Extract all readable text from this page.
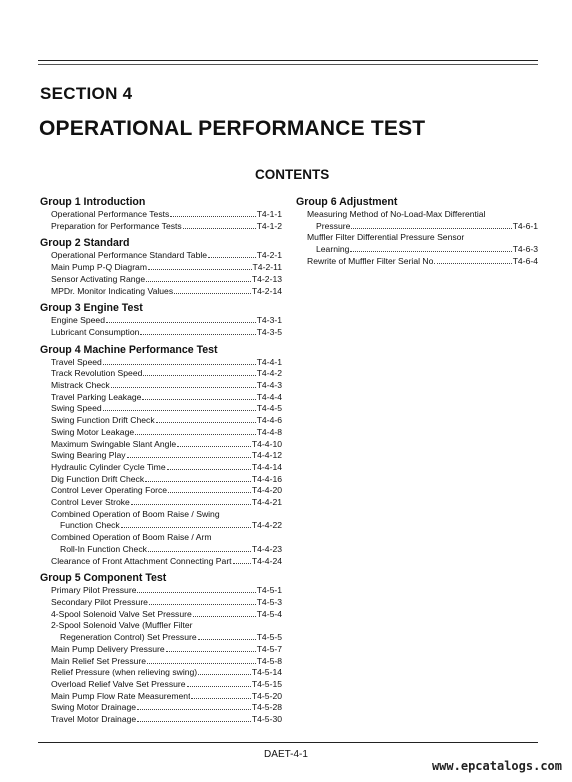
SECTION 4
OPERATIONAL PERFORMANCE TEST
CONTENTS
Group 1 Introduction
Operational Performance Tests	T4-1-1
Preparation for Performance Tests	T4-1-2
Group 2 Standard
Operational Performance Standard Table	T4-2-1
Main Pump P-Q Diagram	T4-2-11
Sensor Activating Range	T4-2-13
MPDr. Monitor Indicating Values	T4-2-14
Group 3 Engine Test
Engine Speed	T4-3-1
Lubricant Consumption	T4-3-5
Group 4 Machine Performance Test
Travel Speed	T4-4-1
Track Revolution Speed	T4-4-2
Mistrack Check	T4-4-3
Travel Parking Leakage	T4-4-4
Swing Speed	T4-4-5
Swing Function Drift Check	T4-4-6
Swing Motor Leakage	T4-4-8
Maximum Swingable Slant Angle	T4-4-10
Swing Bearing Play	T4-4-12
Hydraulic Cylinder Cycle Time	T4-4-14
Dig Function Drift Check	T4-4-16
Control Lever Operating Force	T4-4-20
Control Lever Stroke	T4-4-21
Combined Operation of Boom Raise / Swing
Function Check	T4-4-22
Combined Operation of Boom Raise / Arm
Roll-In Function Check	T4-4-23
Clearance of Front Attachment Connecting Part T4-4-24
Group 5 Component Test
Primary Pilot Pressure	T4-5-1
Secondary Pilot Pressure	T4-5-3
4-Spool Solenoid Valve Set Pressure	T4-5-4
2-Spool Solenoid Valve (Muffler Filter
Regeneration Control) Set Pressure	T4-5-5
Main Pump Delivery Pressure	T4-5-7
Main Relief Set Pressure	T4-5-8
Relief Pressure (when relieving swing)	T4-5-14
Overload Relief Valve Set Pressure	T4-5-15
Main Pump Flow Rate Measurement	T4-5-20
Swing Motor Drainage	T4-5-28
Travel Motor Drainage	T4-5-30
Group 6 Adjustment
Measuring Method of No-Load-Max Differential
Pressure	T4-6-1
Muffler Filter Differential Pressure Sensor
Learning	T4-6-3
Rewrite of Muffler Filter Serial No.	T4-6-4
DAET-4-1
www.epcatalogs.com
